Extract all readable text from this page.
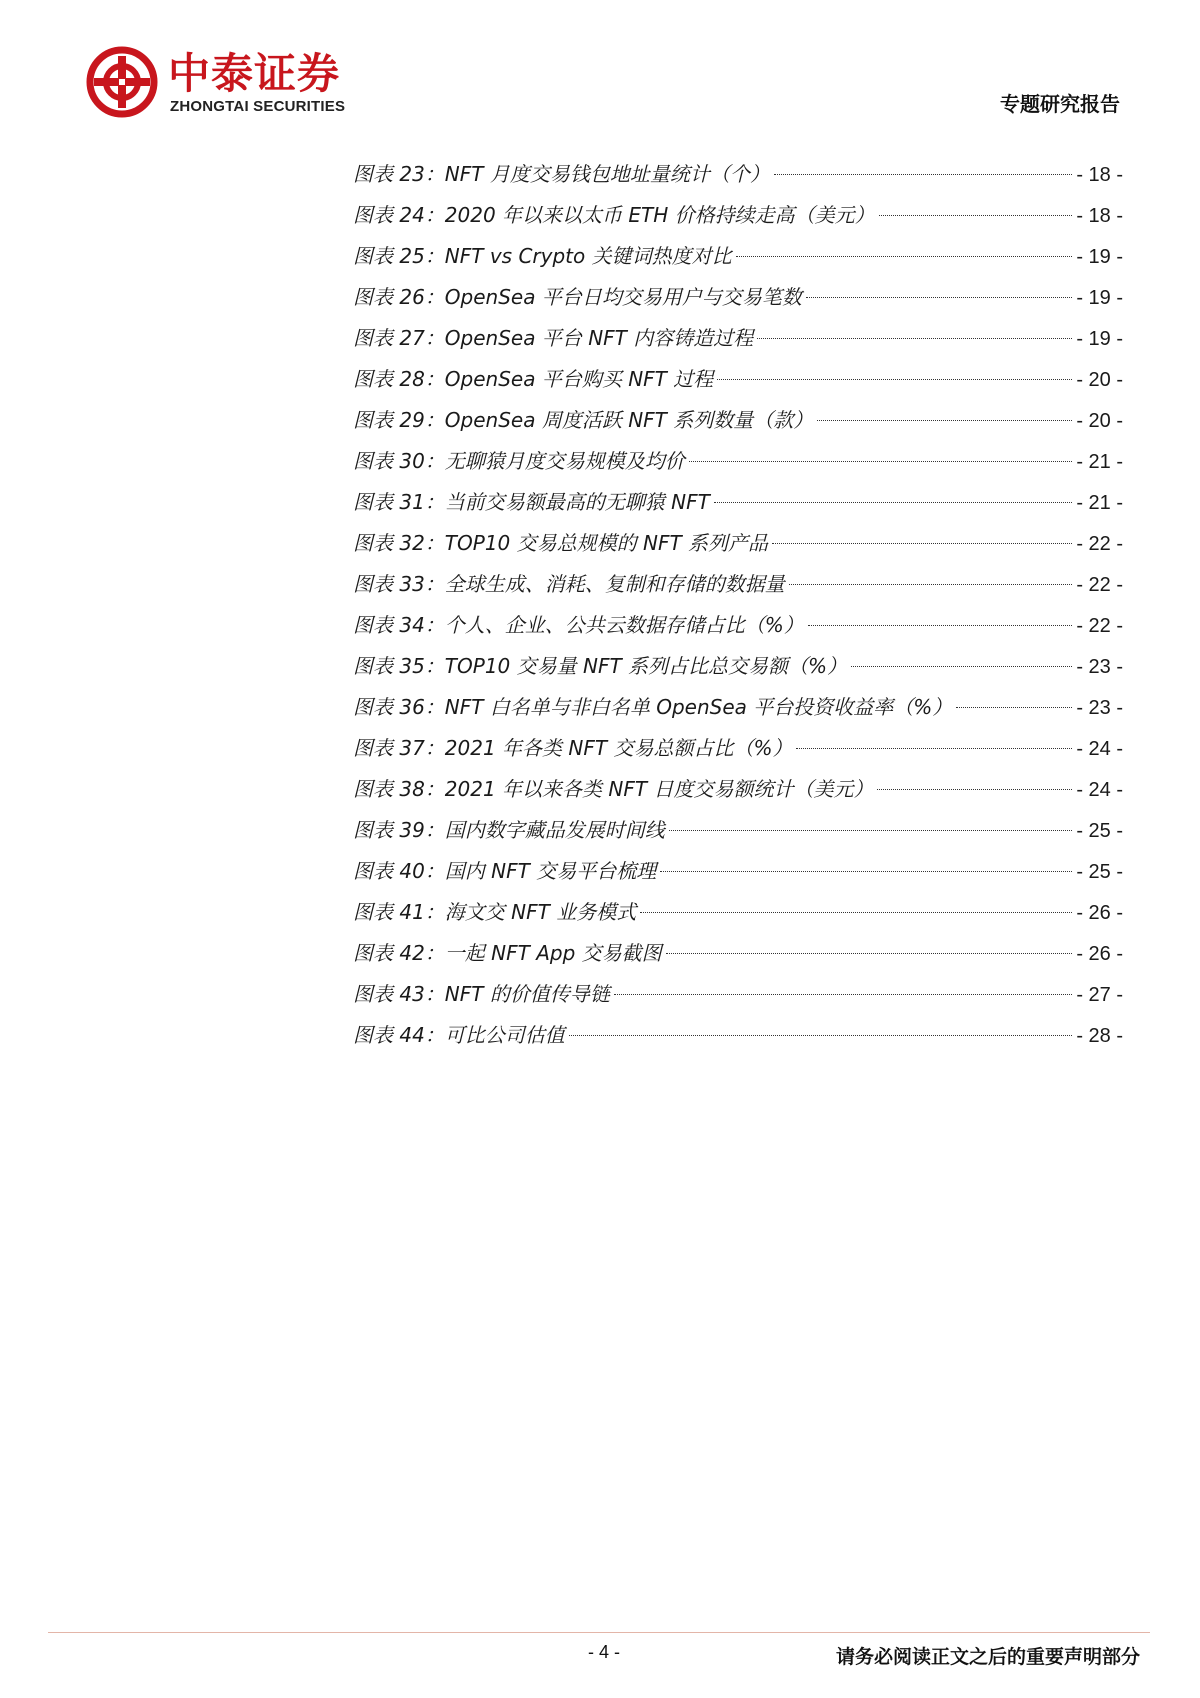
中泰证券
ZHONGTAI SECURITIES	专题研究报告
图表 23：NFT 月度交易钱包地址量统计（个）	- 18 -
图表 24：2020 年以来以太币 ETH 价格持续走高（美元）	- 18 -
图表 25：NFT vs Crypto 关键词热度对比	- 19 -
图表 26：OpenSea 平台日均交易用户与交易笔数	- 19 -
图表 27：OpenSea 平台 NFT 内容铸造过程	- 19 -
图表 28：OpenSea 平台购买 NFT 过程	- 20 -
图表 29：OpenSea 周度活跃 NFT 系列数量（款）	- 20 -
图表 30：无聊猿月度交易规模及均价	- 21 -
图表 31：当前交易额最高的无聊猿 NFT	- 21 -
图表 32：TOP10 交易总规模的 NFT 系列产品	- 22 -
图表 33：全球生成、消耗、复制和存储的数据量	- 22 -
图表 34：个人、企业、公共云数据存储占比（%）	- 22 -
图表 35：TOP10 交易量 NFT 系列占比总交易额（%）	- 23 -
图表 36：NFT 白名单与非白名单 OpenSea 平台投资收益率（%）	- 23 -
图表 37：2021 年各类 NFT 交易总额占比（%）	- 24 -
图表 38：2021 年以来各类 NFT 日度交易额统计（美元）	- 24 -
图表 39：国内数字藏品发展时间线	- 25 -
图表 40：国内 NFT 交易平台梳理	- 25 -
图表 41：海文交 NFT 业务模式	- 26 -
图表 42：一起 NFT App 交易截图	- 26 -
图表 43：NFT 的价值传导链	- 27 -
图表 44：可比公司估值	- 28 -
- 4 -	请务必阅读正文之后的重要声明部分
